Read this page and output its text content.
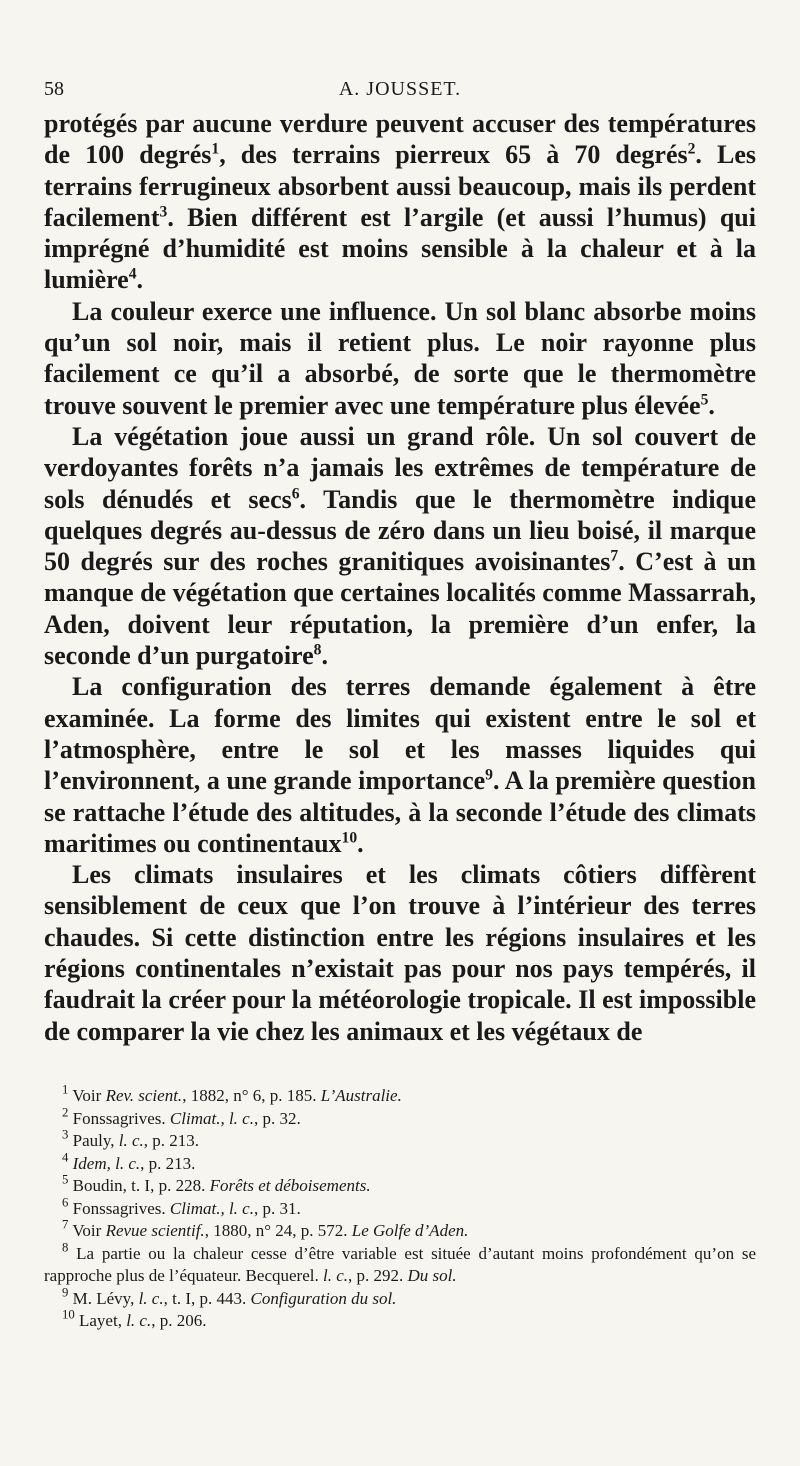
58	A. JOUSSET.

protégés par aucune verdure peuvent accuser des températures de 100 degrés$^1$, des terrains pierreux 65 à 70 degrés$^2$. Les terrains ferrugineux absorbent aussi beaucoup, mais ils perdent facilement$^3$. Bien différent est l’argile (et aussi l’humus) qui imprégné d’humidité est moins sensible à la chaleur et à la lumière$^4$.

La couleur exerce une influence. Un sol blanc absorbe moins qu’un sol noir, mais il retient plus. Le noir rayonne plus facilement ce qu’il a absorbé, de sorte que le thermomètre trouve souvent le premier avec une température plus élevée$^5$.

La végétation joue aussi un grand rôle. Un sol couvert de verdoyantes forêts n’a jamais les extrêmes de température de sols dénudés et secs$^6$. Tandis que le thermomètre indique quelques degrés au-dessus de zéro dans un lieu boisé, il marque 50 degrés sur des roches granitiques avoisinantes$^7$. C’est à un manque de végétation que certaines localités comme Massarrah, Aden, doivent leur réputation, la première d’un enfer, la seconde d’un purgatoire$^8$.

La configuration des terres demande également à être examinée. La forme des limites qui existent entre le sol et l’atmosphère, entre le sol et les masses liquides qui l’environnent, a une grande importance$^9$. A la première question se rattache l’étude des altitudes, à la seconde l’étude des climats maritimes ou continentaux$^{10}$.

Les climats insulaires et les climats côtiers diffèrent sensiblement de ceux que l’on trouve à l’intérieur des terres chaudes. Si cette distinction entre les régions insulaires et les régions continentales n’existait pas pour nos pays tempérés, il faudrait la créer pour la météorologie tropicale. Il est impossible de comparer la vie chez les animaux et les végétaux de

$^1$ Voir Rev. scient., 1882, n° 6, p. 185. L’Australie.

$^2$ Fonssagrives. Climat., l. c., p. 32.

$^3$ Pauly, l. c., p. 213.

$^4$ Idem, l. c., p. 213.

$^5$ Boudin, t. I, p. 228. Forêts et déboisements.

$^6$ Fonssagrives. Climat., l. c., p. 31.

$^7$ Voir Revue scientif., 1880, n° 24, p. 572. Le Golfe d’Aden.

$^8$ La partie ou la chaleur cesse d’être variable est située d’autant moins profondément qu’on se rapproche plus de l’équateur. Becquerel. l. c., p. 292. Du sol.

$^9$ M. Lévy, l. c., t. I, p. 443. Configuration du sol.

$^{10}$ Layet, l. c., p. 206.
